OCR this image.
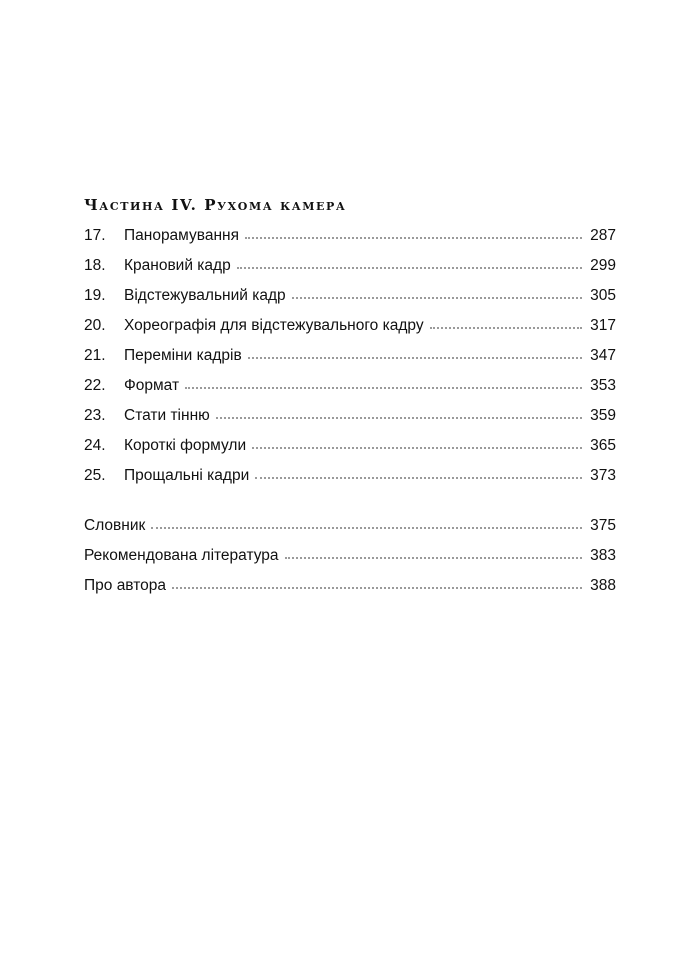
Частина IV. Рухома камера
17.	Панорамування	287
18.	Крановий кадр	299
19.	Відстежувальний кадр	305
20.	Хореографія для відстежувального кадру	317
21.	Переміни кадрів	347
22.	Формат	353
23.	Стати тінню	359
24.	Короткі формули	365
25.	Прощальні кадри	373
Словник	375
Рекомендована література	383
Про автора	388
